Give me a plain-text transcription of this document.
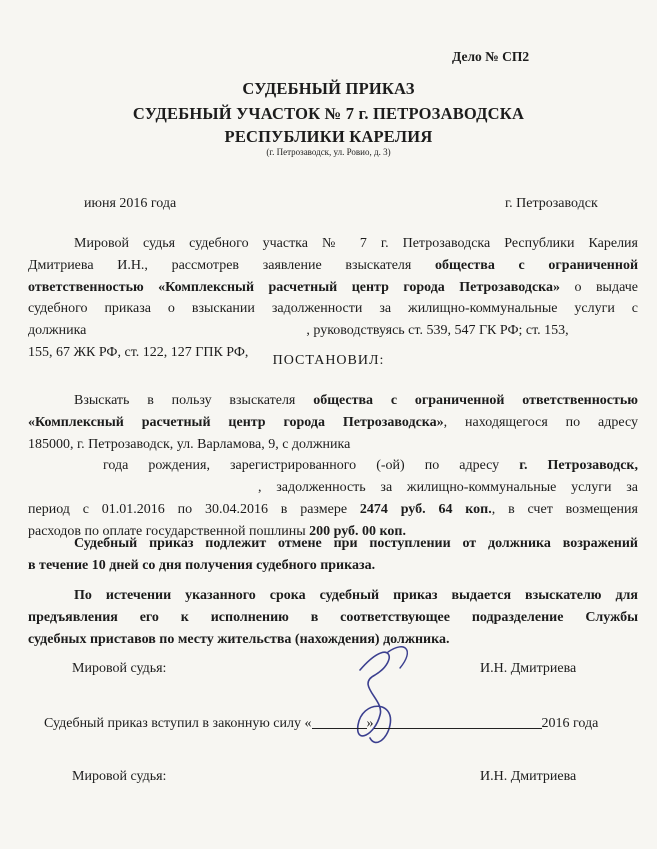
Дело № СП2
СУДЕБНЫЙ ПРИКАЗ
СУДЕБНЫЙ УЧАСТОК № 7 г. ПЕТРОЗАВОДСКА
РЕСПУБЛИКИ КАРЕЛИЯ
(г. Петрозаводск, ул. Ровио, д. 3)
июня 2016 года	г. Петрозаводск
Мировой судья судебного участка № 7 г. Петрозаводска Республики Карелия
Дмитриева И.Н., рассмотрев заявление взыскателя общества с ограниченной
ответственностью «Комплексный расчетный центр города Петрозаводска» о выдаче
судебного приказа о взыскании задолженности за жилищно-коммунальные услуги с
должника	, руководствуясь ст. 539, 547 ГК РФ; ст. 153,
155, 67 ЖК РФ, ст. 122, 127 ГПК РФ,
ПОСТАНОВИЛ:
Взыскать в пользу взыскателя общества с ограниченной ответственностью
«Комплексный расчетный центр города Петрозаводска», находящегося по адресу
185000, г. Петрозаводск, ул. Варламова, 9, с должника
года рождения, зарегистрированного (-ой) по адресу г. Петрозаводск,
, задолженность за жилищно-коммунальные услуги за
период с 01.01.2016 по 30.04.2016 в размере 2474 руб. 64 коп., в счет возмещения
расходов по оплате государственной пошлины 200 руб. 00 коп.
Судебный приказ подлежит отмене при поступлении от должника возражений
в течение 10 дней со дня получения судебного приказа.
По истечении указанного срока судебный приказ выдается взыскателю для
предъявления его к исполнению в соответствующее подразделение Службы
судебных приставов по месту жительства (нахождения) должника.
Мировой судья:	И.Н. Дмитриева
Судебный приказ вступил в законную силу «	»	2016 года
Мировой судья:	И.Н. Дмитриева
